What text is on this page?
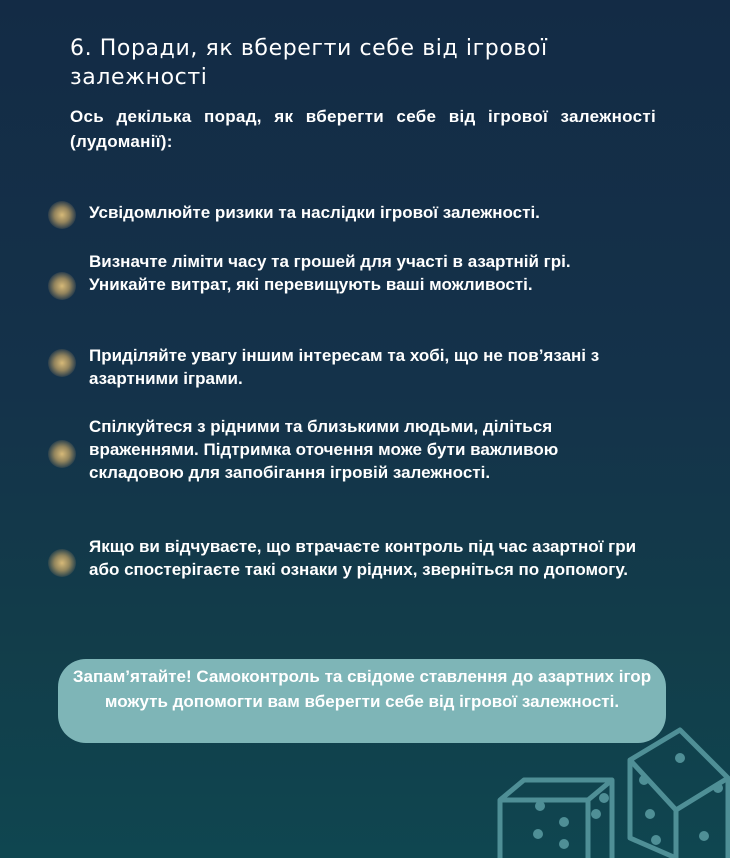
6. Поради, як вберегти себе від ігрової залежності

Ось декілька порад, як вберегти себе від ігрової залежності (лудоманії):

Усвідомлюйте ризики та наслідки ігрової залежності.

Визначте ліміти часу та грошей для участі в азартній грі. Уникайте витрат, які перевищують ваші можливості.

Приділяйте увагу іншим інтересам та хобі, що не пов’язані з азартними іграми.

Спілкуйтеся з рідними та близькими людьми, діліться враженнями. Підтримка оточення може бути важливою складовою для запобігання ігровій залежності.

Якщо ви відчуваєте, що втрачаєте контроль під час азартної гри або спостерігаєте такі ознаки у рідних, зверніться по допомогу.

Запам’ятайте! Самоконтроль та свідоме ставлення до азартних ігор можуть допомогти вам вберегти себе від ігрової залежності.
